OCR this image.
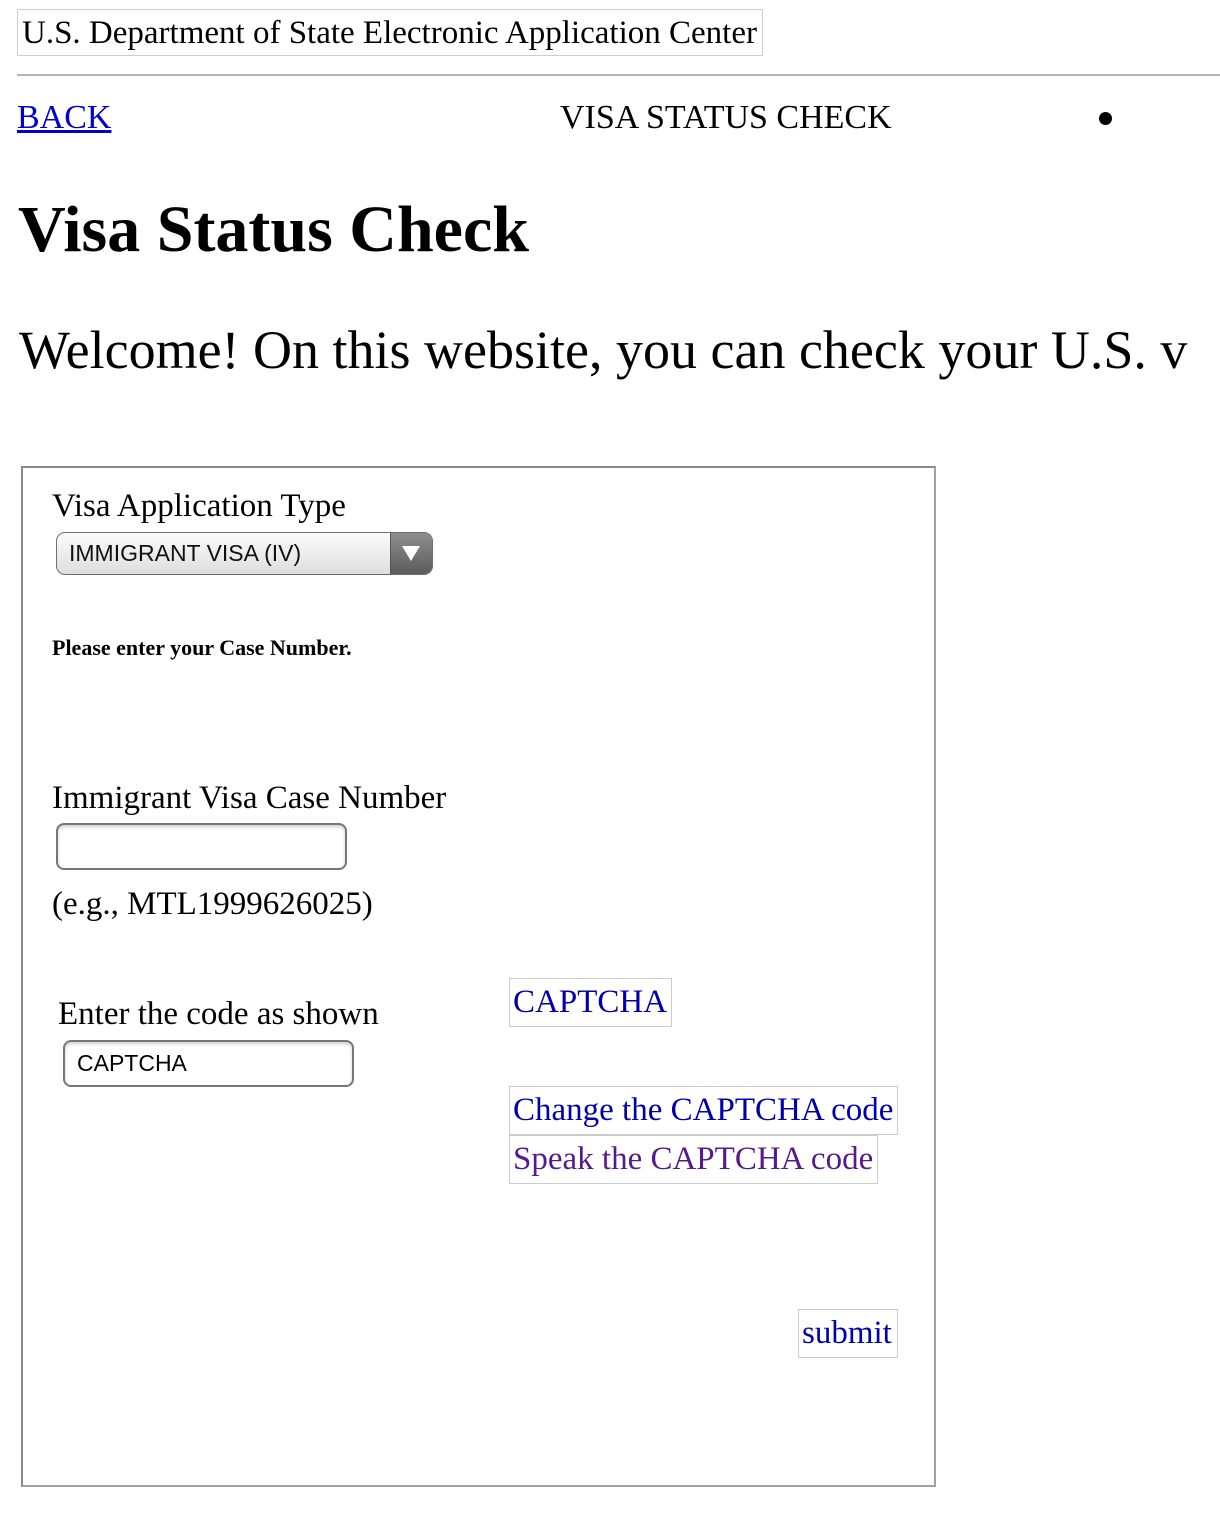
U.S. Department of State Electronic Application Center
BACK	VISA STATUS CHECK
Visa Status Check
Welcome! On this website, you can check your U.S. v
Visa Application Type
IMMIGRANT VISA (IV)
Please enter your Case Number.
Immigrant Visa Case Number
(e.g., MTL1999626025)
Enter the code as shown
CAPTCHA	CAPTCHA
Change the CAPTCHA code
Speak the CAPTCHA code
submit
